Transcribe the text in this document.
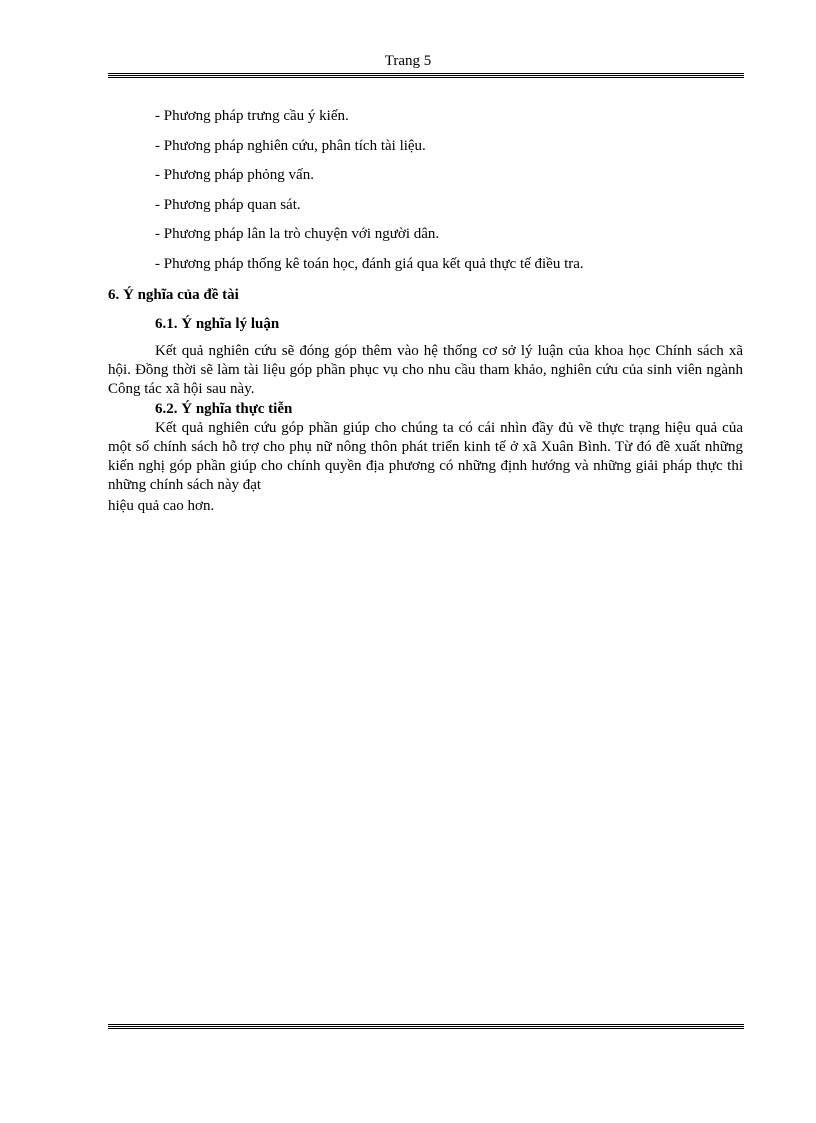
Trang 5
- Phương pháp trưng cầu ý kiến.
- Phương pháp nghiên cứu, phân tích tài liệu.
- Phương pháp phỏng vấn.
- Phương pháp quan sát.
- Phương pháp lân la trò chuyện với người dân.
- Phương pháp thống kê toán học, đánh giá qua kết quả thực tế điều tra.
6. Ý nghĩa của đề tài
6.1. Ý nghĩa lý luận
Kết quả nghiên cứu sẽ đóng góp thêm vào hệ thống cơ sở lý luận của khoa học Chính sách xã hội. Đồng thời sẽ làm tài liệu góp phần phục vụ cho nhu cầu tham khảo, nghiên cứu của sinh viên ngành Công tác xã hội sau này.
6.2. Ý nghĩa thực tiễn
Kết quả nghiên cứu góp phần giúp cho chúng ta có cái nhìn đầy đủ về thực trạng hiệu quả của một số chính sách hỗ trợ cho phụ nữ nông thôn phát triển kinh tế ở xã Xuân Bình. Từ đó đề xuất những kiến nghị góp phần giúp cho chính quyền địa phương có những định hướng và những giải pháp thực thi những chính sách này đạt
hiệu quả cao hơn.
